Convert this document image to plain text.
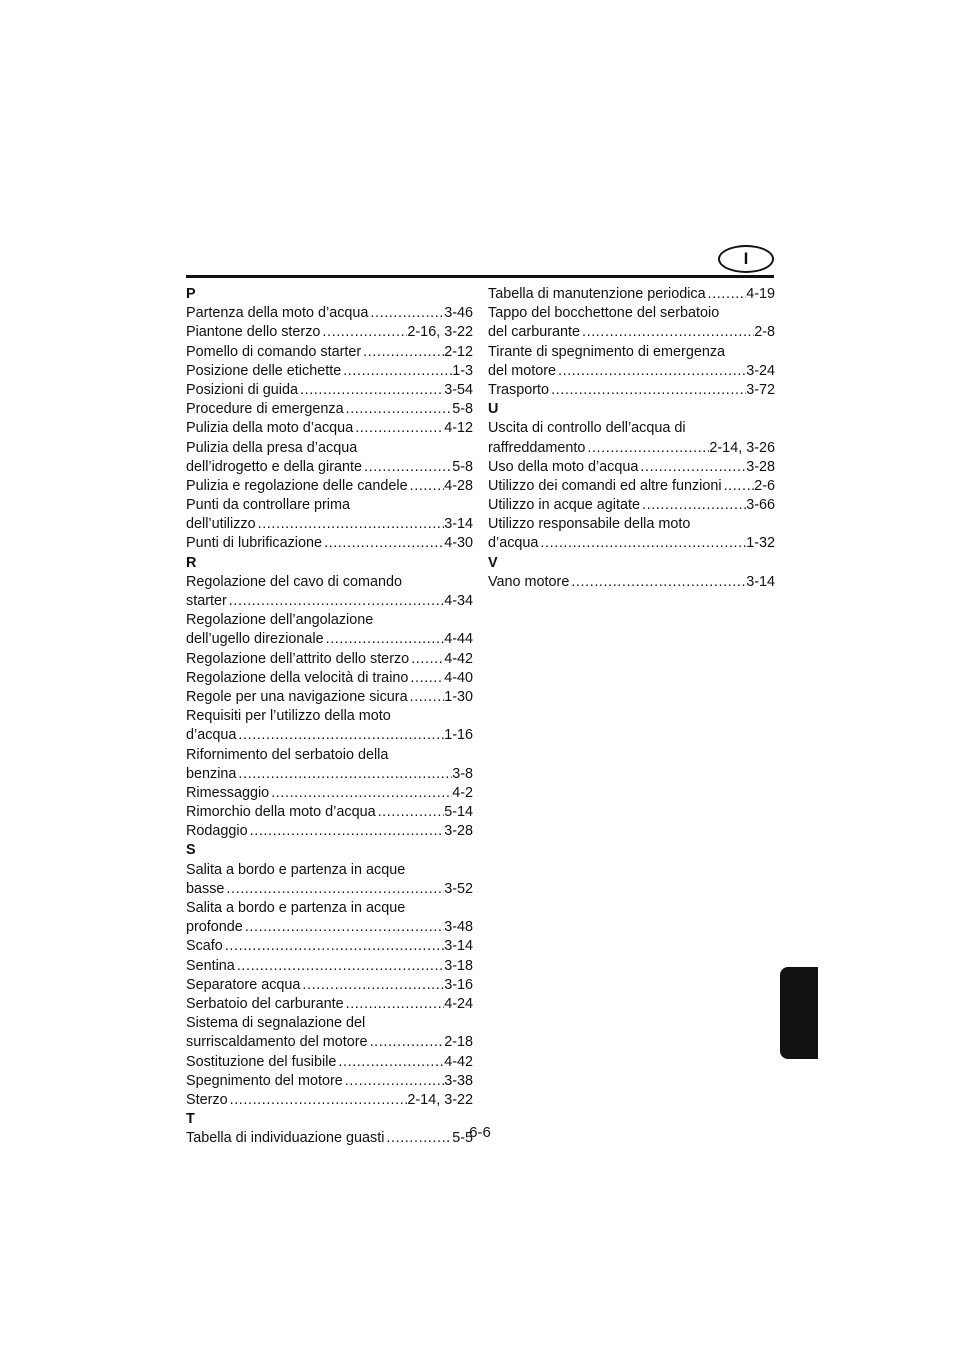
I
P
Partenza della moto d’acqua .....	3-46
Piantone dello sterzo .....	2-16, 3-22
Pomello di comando starter .....	2-12
Posizione delle etichette .....	1-3
Posizioni di guida .....	3-54
Procedure di emergenza .....	5-8
Pulizia della moto d’acqua .....	4-12
Pulizia della presa d’acqua
dell’idrogetto e della girante .....	5-8
Pulizia e regolazione delle candele .....	4-28
Punti da controllare prima
dell’utilizzo .....	3-14
Punti di lubrificazione .....	4-30
R
Regolazione del cavo di comando
starter .....	4-34
Regolazione dell’angolazione
dell’ugello direzionale .....	4-44
Regolazione dell’attrito dello sterzo ..... 4-42
Regolazione della velocità di traino ..... 4-40
Regole per una navigazione sicura .....	1-30
Requisiti per l’utilizzo della moto
d’acqua .....	1-16
Rifornimento del serbatoio della
benzina .....	3-8
Rimessaggio .....	4-2
Rimorchio della moto d’acqua .....	5-14
Rodaggio .....	3-28
S
Salita a bordo e partenza in acque
basse .....	3-52
Salita a bordo e partenza in acque
profonde .....	3-48
Scafo .....	3-14
Sentina .....	3-18
Separatore acqua .....	3-16
Serbatoio del carburante .....	4-24
Sistema di segnalazione del
surriscaldamento del motore .....	2-18
Sostituzione del fusibile .....	4-42
Spegnimento del motore .....	3-38
Sterzo .....	2-14, 3-22
T
Tabella di individuazione guasti .....	5-5
Tabella di manutenzione periodica .....	4-19
Tappo del bocchettone del serbatoio
del carburante .....	2-8
Tirante di spegnimento di emergenza
del motore .....	3-24
Trasporto .....	3-72
U
Uscita di controllo dell’acqua di
raffreddamento .....	2-14, 3-26
Uso della moto d’acqua .....	3-28
Utilizzo dei comandi ed altre funzioni ..... 2-6
Utilizzo in acque agitate .....	3-66
Utilizzo responsabile della moto
d’acqua .....	1-32
V
Vano motore .....	3-14
6-6
